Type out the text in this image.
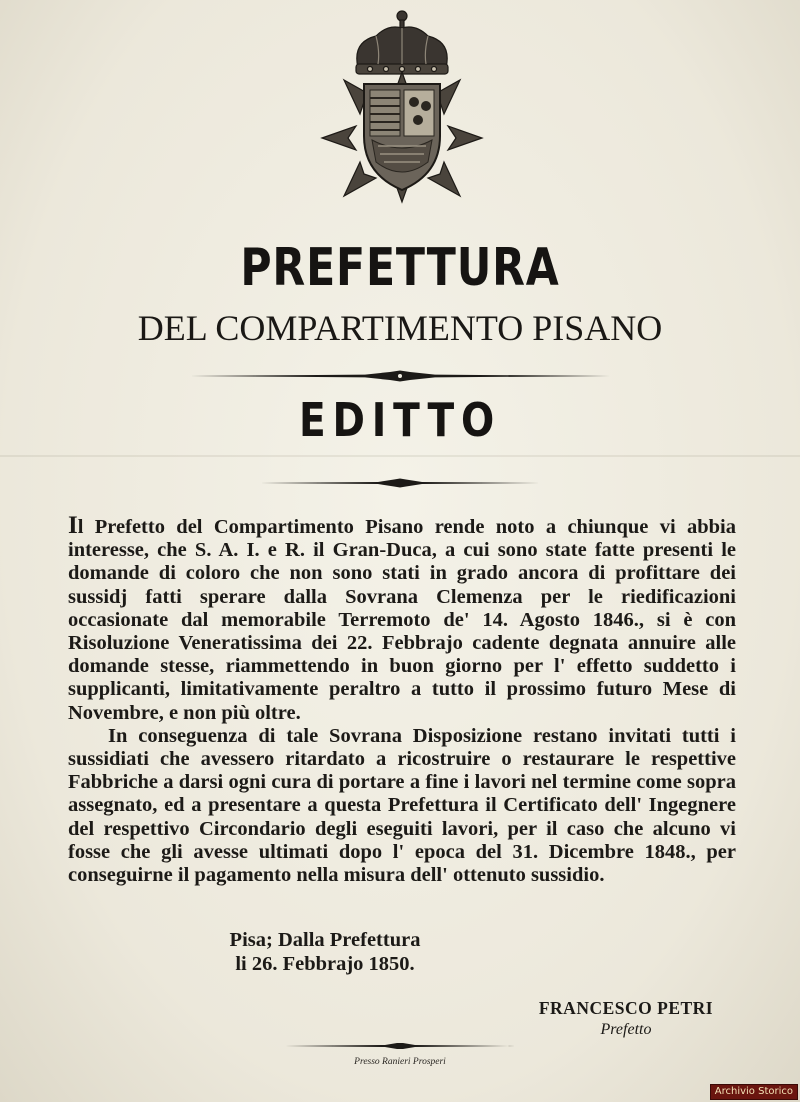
PREFETTURA
DEL COMPARTIMENTO PISANO
EDITTO

Il Prefetto del Compartimento Pisano rende noto a chiunque vi abbia interesse, che S. A. I. e R. il Gran-Duca, a cui sono state fatte presenti le domande di coloro che non sono stati in grado ancora di profittare dei sussidj fatti sperare dalla Sovrana Clemenza per le riedificazioni occasionate dal memorabile Terremoto de' 14. Agosto 1846., si è con Risoluzione Veneratissima dei 22. Febbrajo cadente degnata annuire alle domande stesse, riammettendo in buon giorno per l' effetto suddetto i supplicanti, limitativamente peraltro a tutto il prossimo futuro Mese di Novembre, e non più oltre.

In conseguenza di tale Sovrana Disposizione restano invitati tutti i sussidiati che avessero ritardato a ricostruire o restaurare le respettive Fabbriche a darsi ogni cura di portare a fine i lavori nel termine come sopra assegnato, ed a presentare a questa Prefettura il Certificato dell' Ingegnere del respettivo Circondario degli eseguiti lavori, per il caso che alcuno vi fosse che gli avesse ultimati dopo l' epoca del 31. Dicembre 1848., per conseguirne il pagamento nella misura dell' ottenuto sussidio.

Pisa; Dalla Prefettura
li 26. Febbrajo 1850.
FRANCESCO PETRI
Prefetto
Presso Ranieri Prosperi
Archivio Storico
